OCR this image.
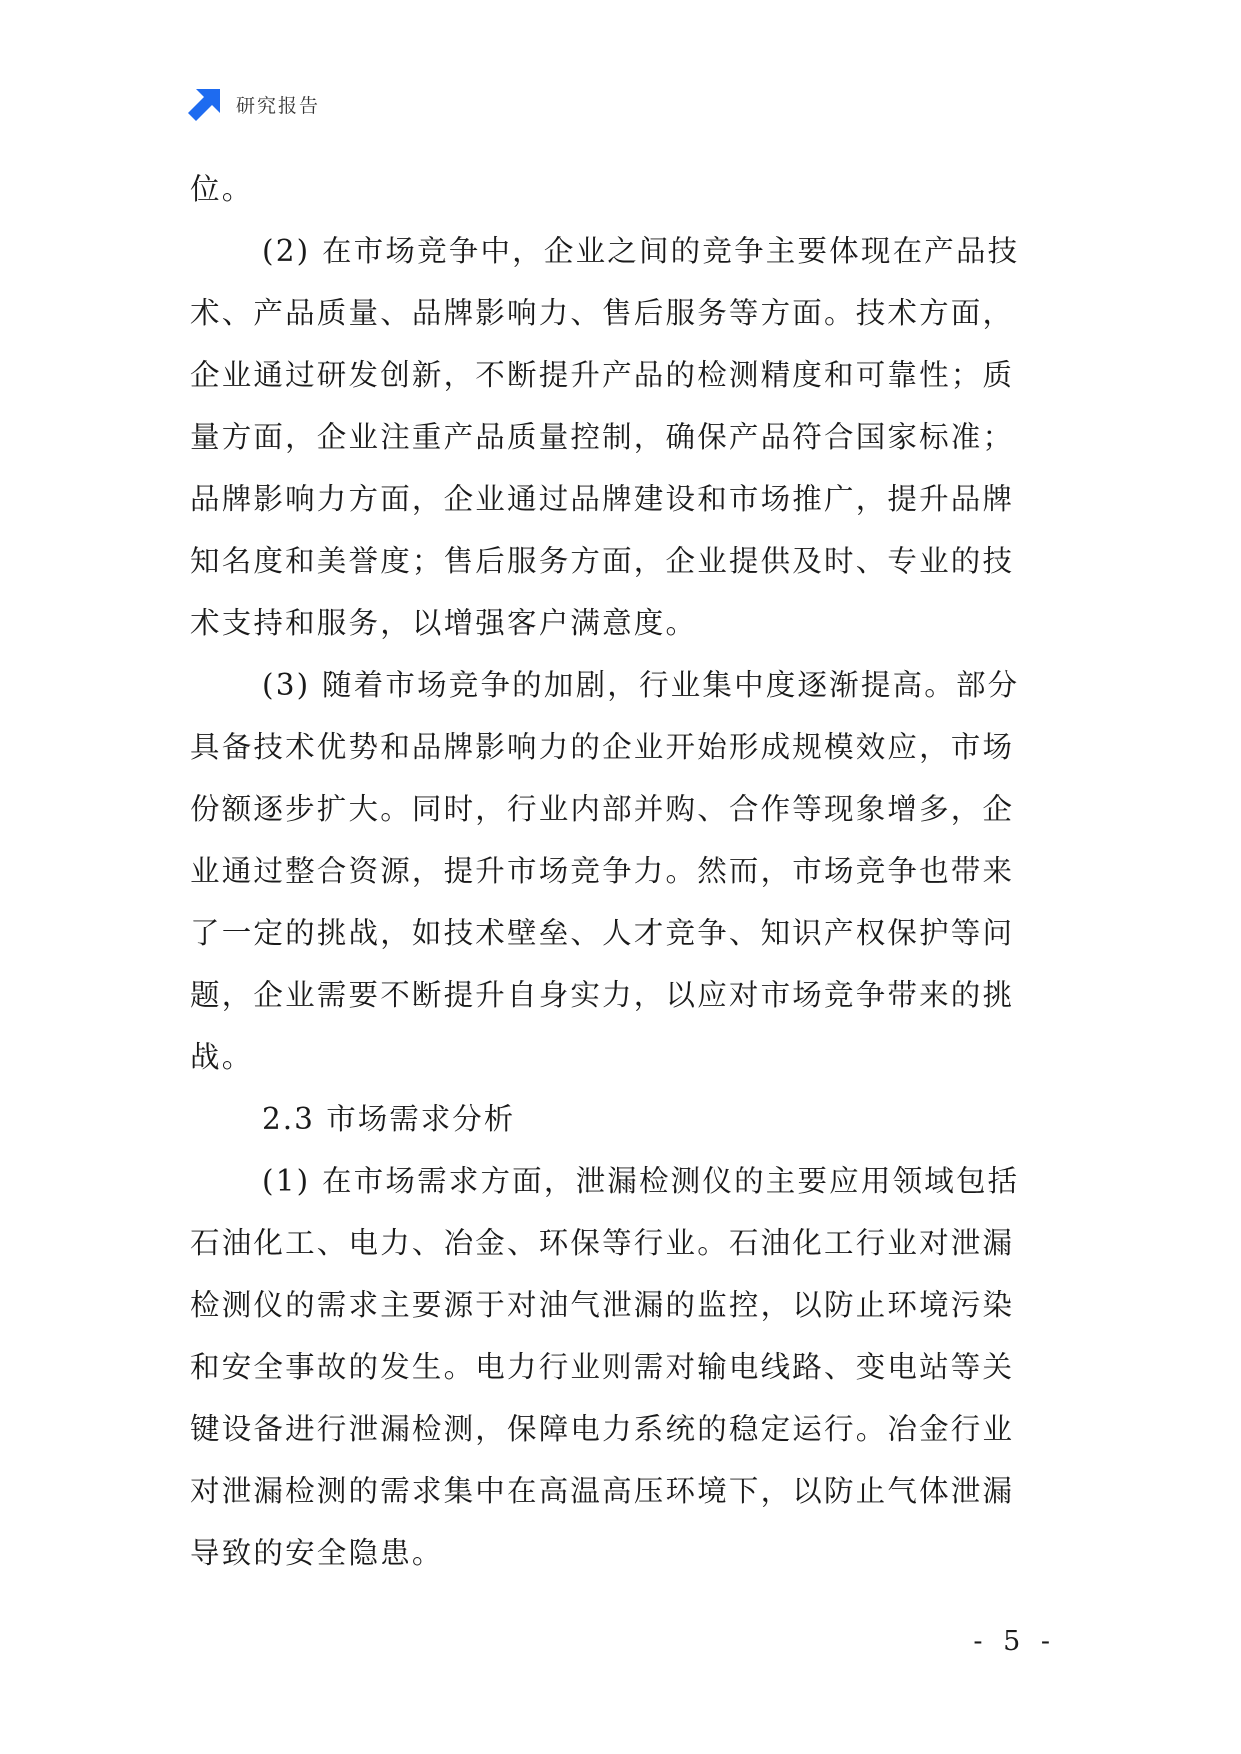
研究报告
位。
(2) 在市场竞争中，企业之间的竞争主要体现在产品技
术、产品质量、品牌影响力、售后服务等方面。技术方面，
企业通过研发创新，不断提升产品的检测精度和可靠性；质
量方面，企业注重产品质量控制，确保产品符合国家标准；
品牌影响力方面，企业通过品牌建设和市场推广，提升品牌
知名度和美誉度；售后服务方面，企业提供及时、专业的技
术支持和服务，以增强客户满意度。
(3) 随着市场竞争的加剧，行业集中度逐渐提高。部分
具备技术优势和品牌影响力的企业开始形成规模效应，市场
份额逐步扩大。同时，行业内部并购、合作等现象增多，企
业通过整合资源，提升市场竞争力。然而，市场竞争也带来
了一定的挑战，如技术壁垒、人才竞争、知识产权保护等问
题，企业需要不断提升自身实力，以应对市场竞争带来的挑
战。
2.3 市场需求分析
(1) 在市场需求方面，泄漏检测仪的主要应用领域包括
石油化工、电力、冶金、环保等行业。石油化工行业对泄漏
检测仪的需求主要源于对油气泄漏的监控，以防止环境污染
和安全事故的发生。电力行业则需对输电线路、变电站等关
键设备进行泄漏检测，保障电力系统的稳定运行。冶金行业
对泄漏检测的需求集中在高温高压环境下，以防止气体泄漏
导致的安全隐患。
- 5 -
